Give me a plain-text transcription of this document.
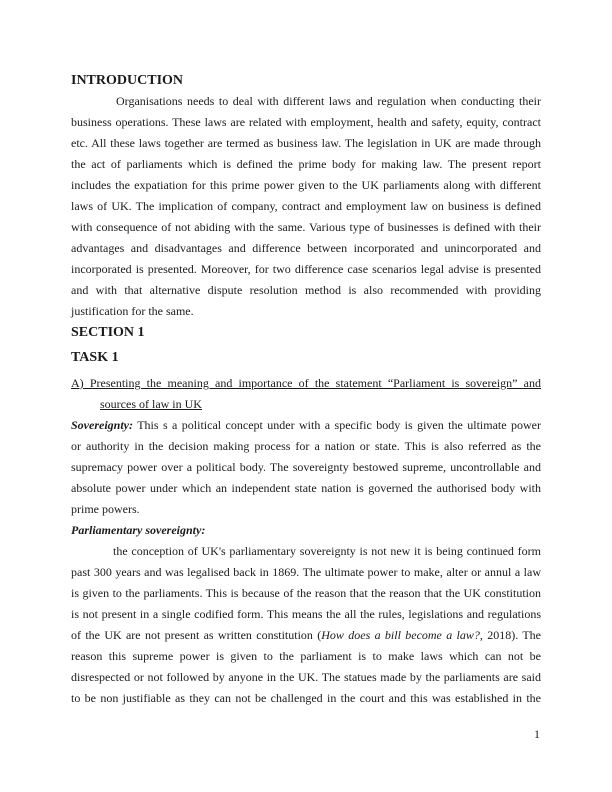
INTRODUCTION
Organisations needs to deal with different laws and regulation when conducting their
business operations. These laws are related with employment, health and safety, equity, contract
etc. All these laws together are termed as business law. The legislation in UK are made through
the act of parliaments which is defined the prime body for making law. The present report
includes the expatiation for this prime power given to the UK parliaments along with different
laws of UK. The implication of company, contract and employment law on business is defined
with consequence of not abiding with the same. Various type of businesses is defined with their
advantages and disadvantages and difference between incorporated and unincorporated and
incorporated is presented. Moreover, for two difference case scenarios legal advise is presented
and with that alternative dispute resolution method is also recommended with providing
justification for the same.
SECTION 1
TASK 1
A) Presenting the meaning and importance of the statement “Parliament is sovereign” and
sources of law in UK
Sovereignty: This s a political concept under with a specific body is given the ultimate power
or authority in the decision making process for a nation or state. This is also referred as the
supremacy power over a political body. The sovereignty bestowed supreme, uncontrollable and
absolute power under which an independent state nation is governed the authorised body with
prime powers.
Parliamentary sovereignty:
the conception of UK's parliamentary sovereignty is not new it is being continued form
past 300 years and was legalised back in 1869. The ultimate power to make, alter or annul a law
is given to the parliaments. This is because of the reason that the reason that the UK constitution
is not present in a single codified form. This means the all the rules, legislations and regulations
of the UK are not present as written constitution (How does a bill become a law?, 2018). The
reason this supreme power is given to the parliament is to make laws which can not be
disrespected or not followed by anyone in the UK. The statues made by the parliaments are said
to be non justifiable as they can not be challenged in the court and this was established in the
1
